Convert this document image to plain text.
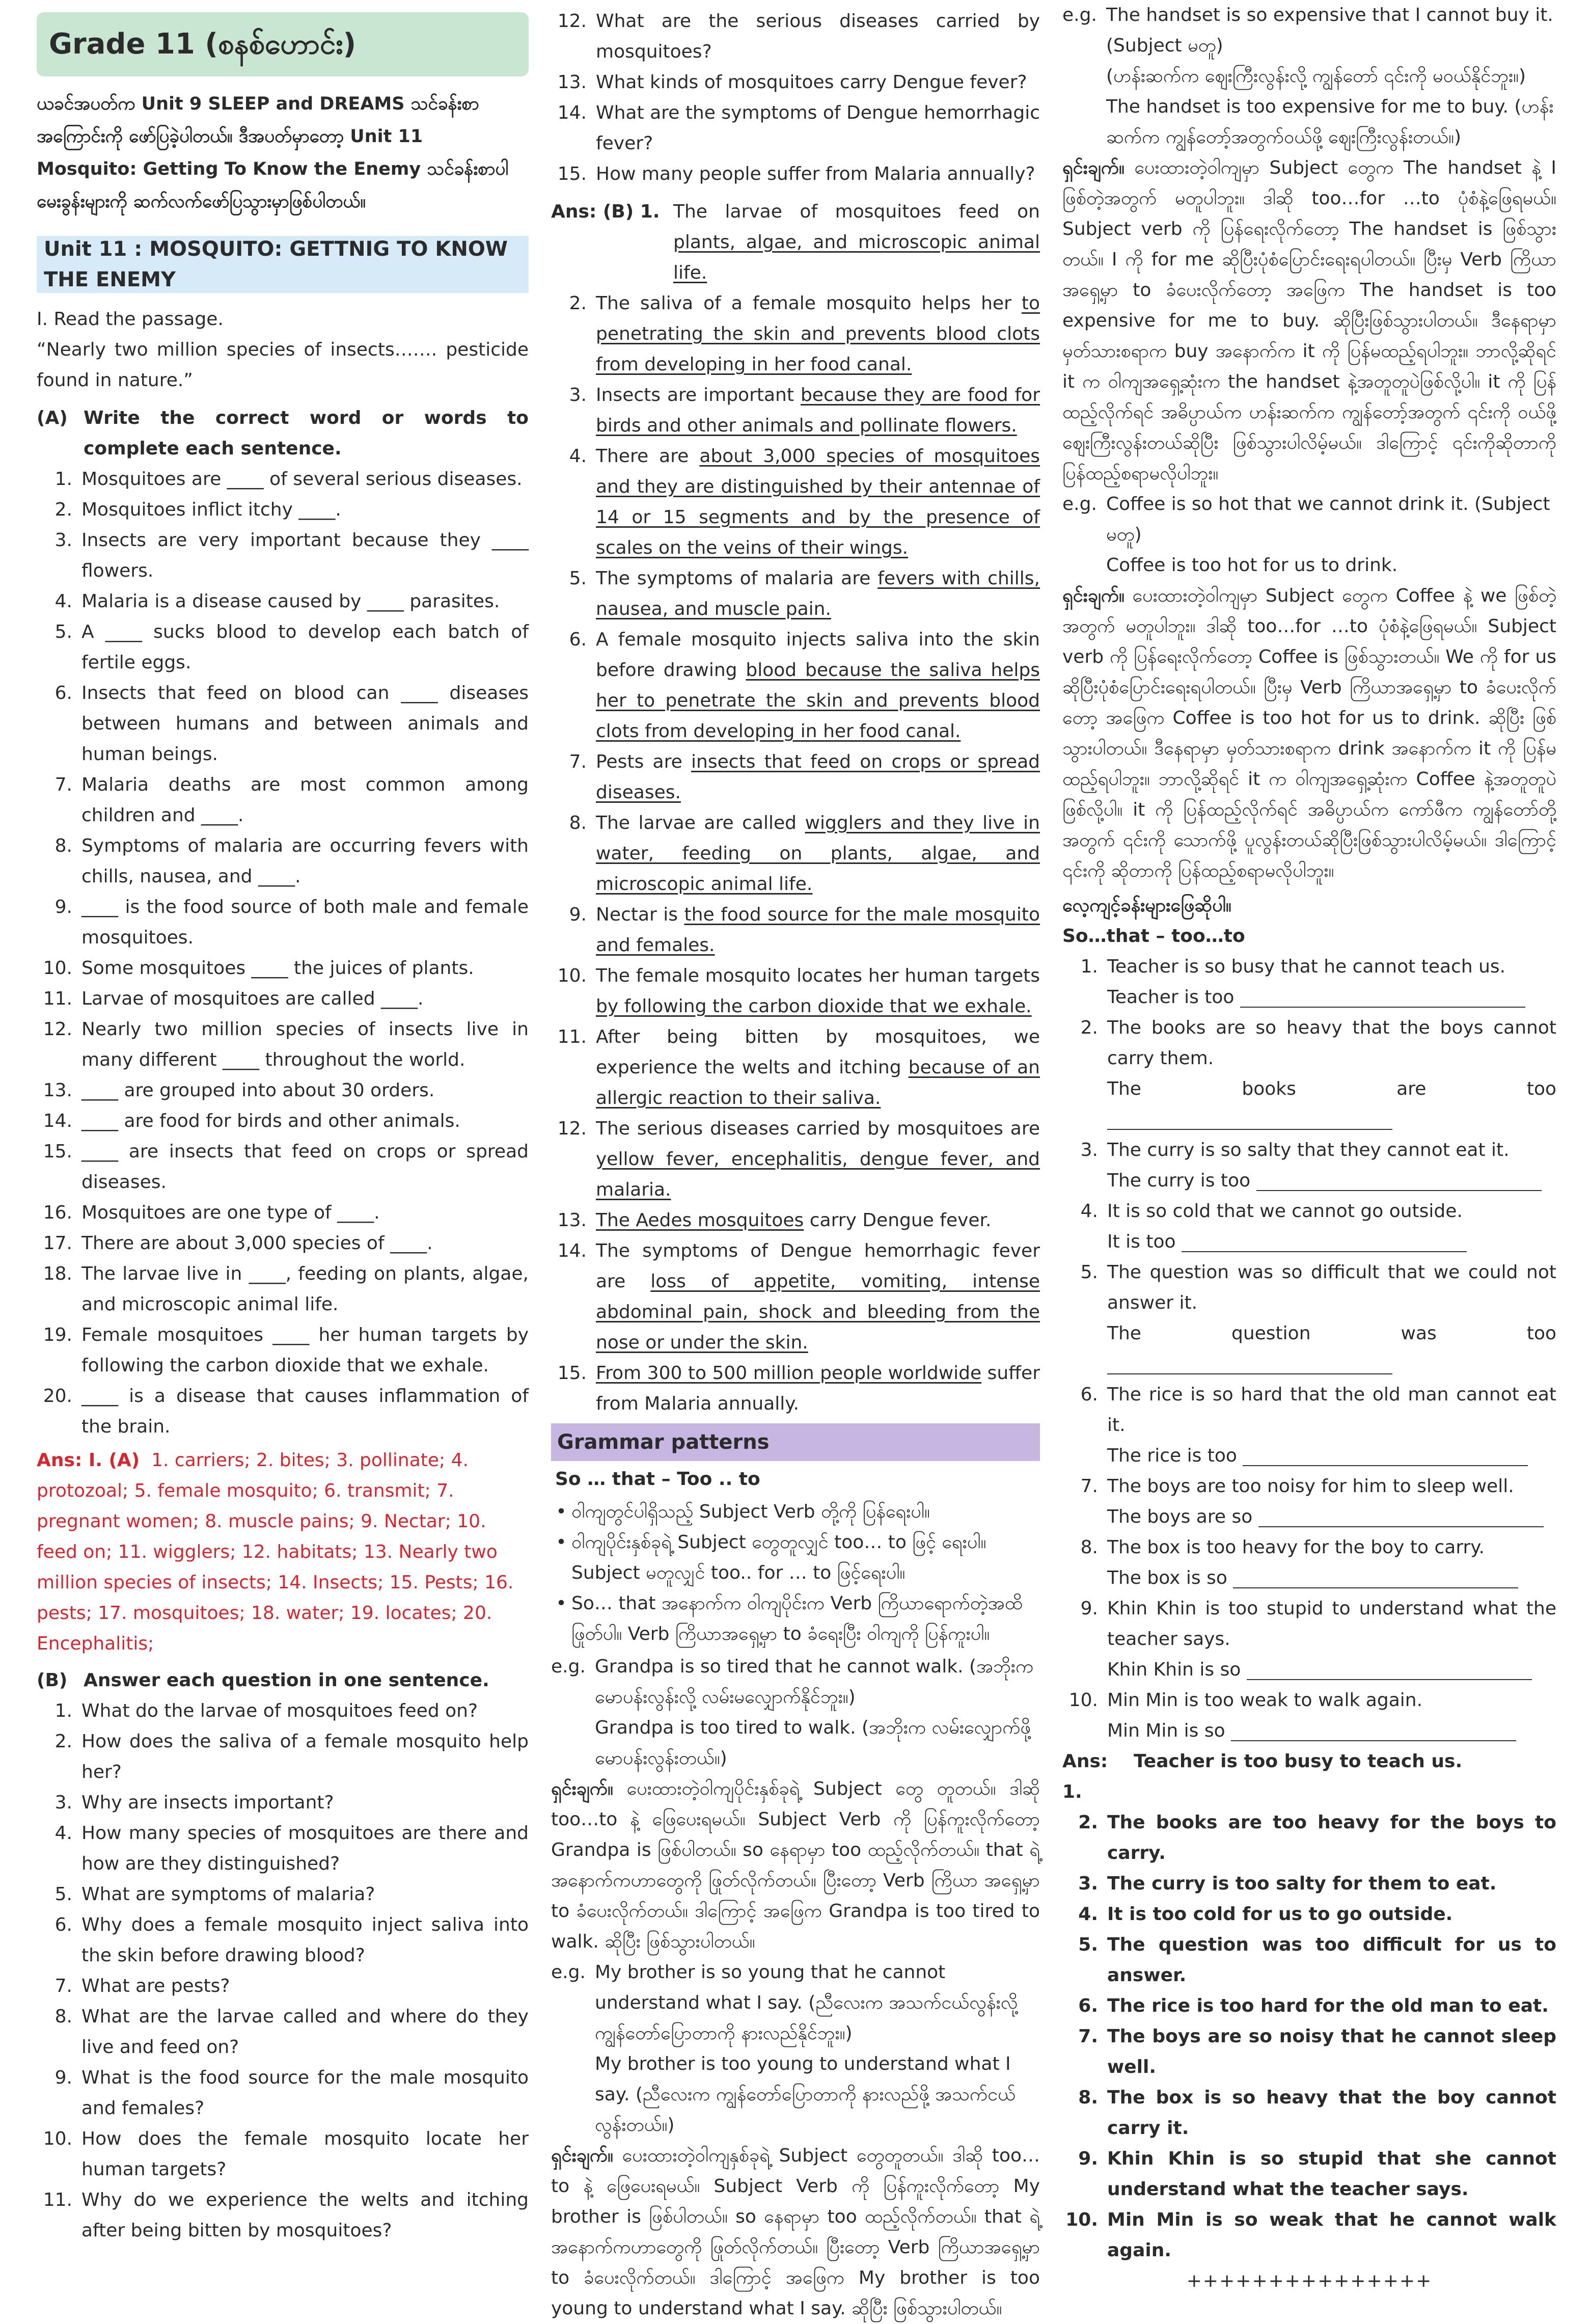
Grade 11 (စနစ်ဟောင်း)

ယခင်အပတ်က Unit 9 SLEEP and DREAMS သင်ခန်းစာအကြောင်းကို ဖော်ပြခဲ့ပါတယ်။ ဒီအပတ်မှာတော့ Unit 11 Mosquito: Getting To Know the Enemy သင်ခန်းစာပါ မေးခွန်းများကို ဆက်လက်ဖော်ပြသွားမှာဖြစ်ပါတယ်။

Unit 11 : MOSQUITO: GETTNIG TO KNOW THE ENEMY

I. Read the passage.

“Nearly two million species of insects……. pesticide found in nature.”

(A) Write the correct word or words to complete each sentence.
1. Mosquitoes are ____ of several serious diseases.
2. Mosquitoes inflict itchy ____.
3. Insects are very important because they ____ flowers.
4. Malaria is a disease caused by ____ parasites.
5. A ____ sucks blood to develop each batch of fertile eggs.
6. Insects that feed on blood can ____ diseases between humans and between animals and human beings.
7. Malaria deaths are most common among children and ____.
8. Symptoms of malaria are occurring fevers with chills, nausea, and ____.
9. ____ is the food source of both male and female mosquitoes.
10. Some mosquitoes ____ the juices of plants.
11. Larvae of mosquitoes are called ____.
12. Nearly two million species of insects live in many different ____ throughout the world.
13. ____ are grouped into about 30 orders.
14. ____ are food for birds and other animals.
15. ____ are insects that feed on crops or spread diseases.
16. Mosquitoes are one type of ____.
17. There are about 3,000 species of ____.
18. The larvae live in ____, feeding on plants, algae, and microscopic animal life.
19. Female mosquitoes ____ her human targets by following the carbon dioxide that we exhale.
20. ____ is a disease that causes inflammation of the brain.
Ans: I. (A) 1. carriers; 2. bites; 3. pollinate; 4. protozoal; 5. female mosquito; 6. transmit; 7. pregnant women; 8. muscle pains; 9. Nectar; 10. feed on; 11. wigglers; 12. habitats; 13. Nearly two million species of insects; 14. Insects; 15. Pests; 16. pests; 17. mosquitoes; 18. water; 19. locates; 20. Encephalitis;
(B) Answer each question in one sentence.
1. What do the larvae of mosquitoes feed on?
2. How does the saliva of a female mosquito help her?
3. Why are insects important?
4. How many species of mosquitoes are there and how are they distinguished?
5. What are symptoms of malaria?
6. Why does a female mosquito inject saliva into the skin before drawing blood?
7. What are pests?
8. What are the larvae called and where do they live and feed on?
9. What is the food source for the male mosquito and females?
10. How does the female mosquito locate her human targets?
11. Why do we experience the welts and itching after being bitten by mosquitoes?
12. What are the serious diseases carried by mosquitoes?
13. What kinds of mosquitoes carry Dengue fever?
14. What are the symptoms of Dengue hemorrhagic fever?
15. How many people suffer from Malaria annually?
Ans: (B) 1. The larvae of mosquitoes feed on plants, algae, and microscopic animal life.
2. The saliva of a female mosquito helps her to penetrating the skin and prevents blood clots from developing in her food canal.
3. Insects are important because they are food for birds and other animals and pollinate flowers.
4. There are about 3,000 species of mosquitoes and they are distinguished by their antennae of 14 or 15 segments and by the presence of scales on the veins of their wings.
5. The symptoms of malaria are fevers with chills, nausea, and muscle pain.
6. A female mosquito injects saliva into the skin before drawing blood because the saliva helps her to penetrate the skin and prevents blood clots from developing in her food canal.
7. Pests are insects that feed on crops or spread diseases.
8. The larvae are called wigglers and they live in water, feeding on plants, algae, and microscopic animal life.
9. Nectar is the food source for the male mosquito and females.
10. The female mosquito locates her human targets by following the carbon dioxide that we exhale.
11. After being bitten by mosquitoes, we experience the welts and itching because of an allergic reaction to their saliva.
12. The serious diseases carried by mosquitoes are yellow fever, encephalitis, dengue fever, and malaria.
13. The Aedes mosquitoes carry Dengue fever.
14. The symptoms of Dengue hemorrhagic fever are loss of appetite, vomiting, intense abdominal pain, shock and bleeding from the nose or under the skin.
15. From 300 to 500 million people worldwide suffer from Malaria annually.
Grammar patterns

So … that – Too .. to

• ဝါကျတွင်ပါရှိသည့် Subject Verb တို့ကို ပြန်ရေးပါ။
• ဝါကျပိုင်းနှစ်ခုရဲ့ Subject တွေတူလျှင် too… to ဖြင့် ရေးပါ။ Subject မတူလျှင် too.. for … to ဖြင့်ရေးပါ။
• So… that အနောက်က ဝါကျပိုင်းက Verb ကြိယာရောက်တဲ့အထိ ဖြုတ်ပါ။ Verb ကြိယာအရှေ့မှာ to ခံရေးပြီး ဝါကျကို ပြန်ကူးပါ။
e.g. Grandpa is so tired that he cannot walk. (အဘိုးက မောပန်းလွန်းလို့ လမ်းမလျှောက်နိုင်ဘူး။)
Grandpa is too tired to walk. (အဘိုးက လမ်းလျှောက်ဖို့ မောပန်းလွန်းတယ်။)
ရှင်းချက်။ ပေးထားတဲ့ဝါကျပိုင်းနှစ်ခုရဲ့ Subject တွေ တူတယ်။ ဒါဆို too…to နဲ့ ဖြေပေးရမယ်။ Subject Verb ကို ပြန်ကူးလိုက်တော့ Grandpa is ဖြစ်ပါတယ်။ so နေရာမှာ too ထည့်လိုက်တယ်။ that ရဲ့ အနောက်ကဟာတွေကို ဖြုတ်လိုက်တယ်။ ပြီးတော့ Verb ကြိယာ အရှေ့မှာ to ခံပေးလိုက်တယ်။ ဒါကြောင့် အဖြေက Grandpa is too tired to walk. ဆိုပြီး ဖြစ်သွားပါတယ်။
e.g. My brother is so young that he cannot understand what I say. (ညီလေးက အသက်ငယ်လွန်းလို့ ကျွန်တော်ပြောတာကို နားလည်နိုင်ဘူး။)
My brother is too young to understand what I say. (ညီလေးက ကျွန်တော်ပြောတာကို နားလည်ဖို့ အသက်ငယ်လွန်းတယ်။)
ရှင်းချက်။ ပေးထားတဲ့ဝါကျနှစ်ခုရဲ့ Subject တွေတူတယ်။ ဒါဆို too…to နဲ့ ဖြေပေးရမယ်။ Subject Verb ကို ပြန်ကူးလိုက်တော့ My brother is ဖြစ်ပါတယ်။ so နေရာမှာ too ထည့်လိုက်တယ်။ that ရဲ့ အနောက်ကဟာတွေကို ဖြုတ်လိုက်တယ်။ ပြီးတော့ Verb ကြိယာအရှေ့မှာ to ခံပေးလိုက်တယ်။ ဒါကြောင့် အဖြေက My brother is too young to understand what I say. ဆိုပြီး ဖြစ်သွားပါတယ်။
e.g. The handset is so expensive that I cannot buy it. (Subject မတူ)
(ဟန်းဆက်က ဈေးကြီးလွန်းလို့ ကျွန်တော် ၎င်းကို မဝယ်နိုင်ဘူး။)
The handset is too expensive for me to buy. (ဟန်းဆက်က ကျွန်တော့်အတွက်ဝယ်ဖို့ ဈေးကြီးလွန်းတယ်။)
ရှင်းချက်။ ပေးထားတဲ့ဝါကျမှာ Subject တွေက The handset နဲ့ I ဖြစ်တဲ့အတွက် မတူပါဘူး။ ဒါဆို too…for …to ပုံစံနဲ့ဖြေရမယ်။ Subject verb ကို ပြန်ရေးလိုက်တော့ The handset is ဖြစ်သွားတယ်။ I ကို for me ဆိုပြီးပုံစံပြောင်းရေးရပါတယ်။ ပြီးမှ Verb ကြိယာအရှေ့မှာ to ခံပေးလိုက်တော့ အဖြေက The handset is too expensive for me to buy. ဆိုပြီးဖြစ်သွားပါတယ်။ ဒီနေရာမှာ မှတ်သားစရာက buy အနောက်က it ကို ပြန်မထည့်ရပါဘူး။ ဘာလို့ဆိုရင် it က ဝါကျအရှေ့ဆုံးက the handset နဲ့အတူတူပဲဖြစ်လို့ပါ။ it ကို ပြန်ထည့်လိုက်ရင် အဓိပ္ပာယ်က ဟန်းဆက်က ကျွန်တော့်အတွက် ၎င်းကို ဝယ်ဖို့ ဈေးကြီးလွန်းတယ်ဆိုပြီး ဖြစ်သွားပါလိမ့်မယ်။ ဒါကြောင့် ၎င်းကိုဆိုတာကို ပြန်ထည့်စရာမလိုပါဘူး။
e.g. Coffee is so hot that we cannot drink it. (Subject မတူ)
Coffee is too hot for us to drink.
ရှင်းချက်။ ပေးထားတဲ့ဝါကျမှာ Subject တွေက Coffee နဲ့ we ဖြစ်တဲ့အတွက် မတူပါဘူး။ ဒါဆို too…for …to ပုံစံနဲ့ဖြေရမယ်။ Subject verb ကို ပြန်ရေးလိုက်တော့ Coffee is ဖြစ်သွားတယ်။ We ကို for us ဆိုပြီးပုံစံပြောင်းရေးရပါတယ်။ ပြီးမှ Verb ကြိယာအရှေ့မှာ to ခံပေးလိုက်တော့ အဖြေက Coffee is too hot for us to drink. ဆိုပြီး ဖြစ်သွားပါတယ်။ ဒီနေရာမှာ မှတ်သားစရာက drink အနောက်က it ကို ပြန်မထည့်ရပါဘူး။ ဘာလို့ဆိုရင် it က ဝါကျအရှေ့ဆုံးက Coffee နဲ့အတူတူပဲဖြစ်လို့ပါ။ it ကို ပြန်ထည့်လိုက်ရင် အဓိပ္ပာယ်က ကော်ဖီက ကျွန်တော်တို့အတွက် ၎င်းကို သောက်ဖို့ ပူလွန်းတယ်ဆိုပြီးဖြစ်သွားပါလိမ့်မယ်။ ဒါကြောင့် ၎င်းကို ဆိုတာကို ပြန်ထည့်စရာမလိုပါဘူး။

လေ့ကျင့်ခန်းများဖြေဆိုပါ။

So…that – too…to

1. Teacher is so busy that he cannot teach us.
Teacher is too
2. The books are so heavy that the boys cannot carry them.
The books are too
3. The curry is so salty that they cannot eat it.
The curry is too
4. It is so cold that we cannot go outside.
It is too
5. The question was so difficult that we could not answer it.
The question was too
6. The rice is so hard that the old man cannot eat it.
The rice is too
7. The boys are too noisy for him to sleep well.
The boys are so
8. The box is too heavy for the boy to carry.
The box is so
9. Khin Khin is too stupid to understand what the teacher says.
Khin Khin is so
10. Min Min is too weak to walk again.
Min Min is so
Ans: 1.
Teacher is too busy to teach us.
2. The books are too heavy for the boys to carry.
3. The curry is too salty for them to eat.
4. It is too cold for us to go outside.
5. The question was too difficult for us to answer.
6. The rice is too hard for the old man to eat.
7. The boys are so noisy that he cannot sleep well.
8. The box is so heavy that the boy cannot carry it.
9. Khin Khin is so stupid that she cannot understand what the teacher says.
10. Min Min is so weak that he cannot walk again.
+++++++++++++++
